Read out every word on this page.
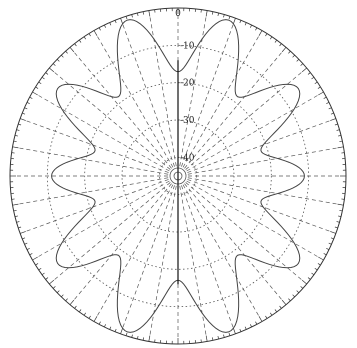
-10
-20
-30
-40
0
